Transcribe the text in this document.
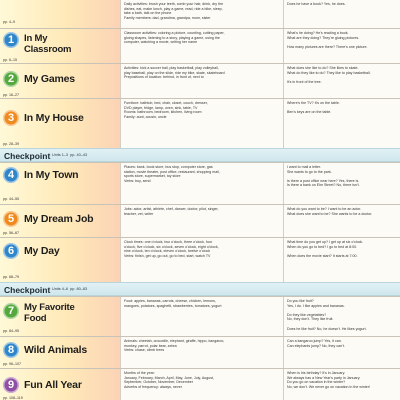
pp. 4–9
Daily activities: brush your teeth, comb your hair, drink, dry the
dishes, eat, make lunch, play a game, read, ride a bike, sleep,
take a bath, talk on the phone
Family members: dad, grandma, grandpa, mom, sister
Does he have a book? Yes, he does.
1	In My
Classroom
pp. 6–15
Classroom activities: coloring a picture, counting, cutting paper,
gluing shapes, listening to a story, playing a game, using the
computer, watching a movie, writing her name
What's he doing? He's reading a book.
What are they doing? They're gluing pictures.

How many pictures are there? There's one picture.
2 My Games
pp. 16–27
Activities: kick a soccer ball, play basketball, play volleyball,
play baseball, play on the slide, ride my bike, skate, skateboard
Prepositions of location: behind, in front of, next to
What does she like to do? She likes to skate.
What do they like to do? They like to play basketball.

It's in front of the tree.
3 In My House
pp. 28–39
Furniture: bathtub, bed, chair, closet, couch, dresser,
DVD player, fridge, lamp, oven, sink, table, TV
Rooms: bathroom, bedroom, kitchen, living room
Family: aunt, cousin, uncle
Where's the TV? It's on the table.

Ben's keys are on the table.
Checkpoint Units 1–3 pp. 40–43
4 In My Town
pp. 44–55
Places: bank, book store, bus stop, computer store, gas
station, movie theater, post office, restaurant, shopping mall,
sports store, supermarket, toy store
Verbs: buy, send
I want to mail a letter.
She wants to go to the park.

Is there a post office near here? Yes, there is.
Is there a bank on Elm Street? No, there isn't.
5 My Dream Job
pp. 56–67
Jobs: actor, artist, athlete, chef, dancer, doctor, pilot, singer,
teacher, vet, writer
What do you want to be? I want to be an actor.
What does she want to be? She wants to be a doctor.
6 My Day
pp. 68–79
Clock times: one o'clock, two o'clock, three o'clock, four
o'clock, five o'clock, six o'clock, seven o'clock, eight o'clock,
nine o'clock, ten o'clock, eleven o'clock, twelve o'clock
Verbs: finish, get up, go out, go to bed, start, watch TV
What time do you get up? I get up at six o'clock.
When do you go to bed? I go to bed at 8:00.

When does the movie start? It starts at 7:00.
Checkpoint Units 4–6 pp. 80–83
7	My Favorite
Food
pp. 84–95
Food: apples, bananas, carrots, cheese, chicken, lemons,
mangoes, potatoes, spaghetti, strawberries, tomatoes, yogurt
Do you like fruit?
Yes, I do. I like apples and bananas.

Do they like vegetables?
No, they don't. They like fruit.

Does he like fruit? No, he doesn't. He likes yogurt.
8 Wild Animals
pp. 96–107
Animals: cheetah, crocodile, elephant, giraffe, hippo, kangaroo,
monkey, parrot, polar bear, zebra
Verbs: chase, climb trees
Can a kangaroo jump? Yes, it can.
Can elephants jump? No, they can't.
9 Fun All Year
pp. 108–119
Months of the year:
January, February, March, April, May, June, July, August,
September, October, November, December
Adverbs of frequency: always, never
When is his birthday? It's in January.
We always has a New Year's party in January.
Do you go on vacation in the winter?
No, we don't. We never go on vacation in the winter!
